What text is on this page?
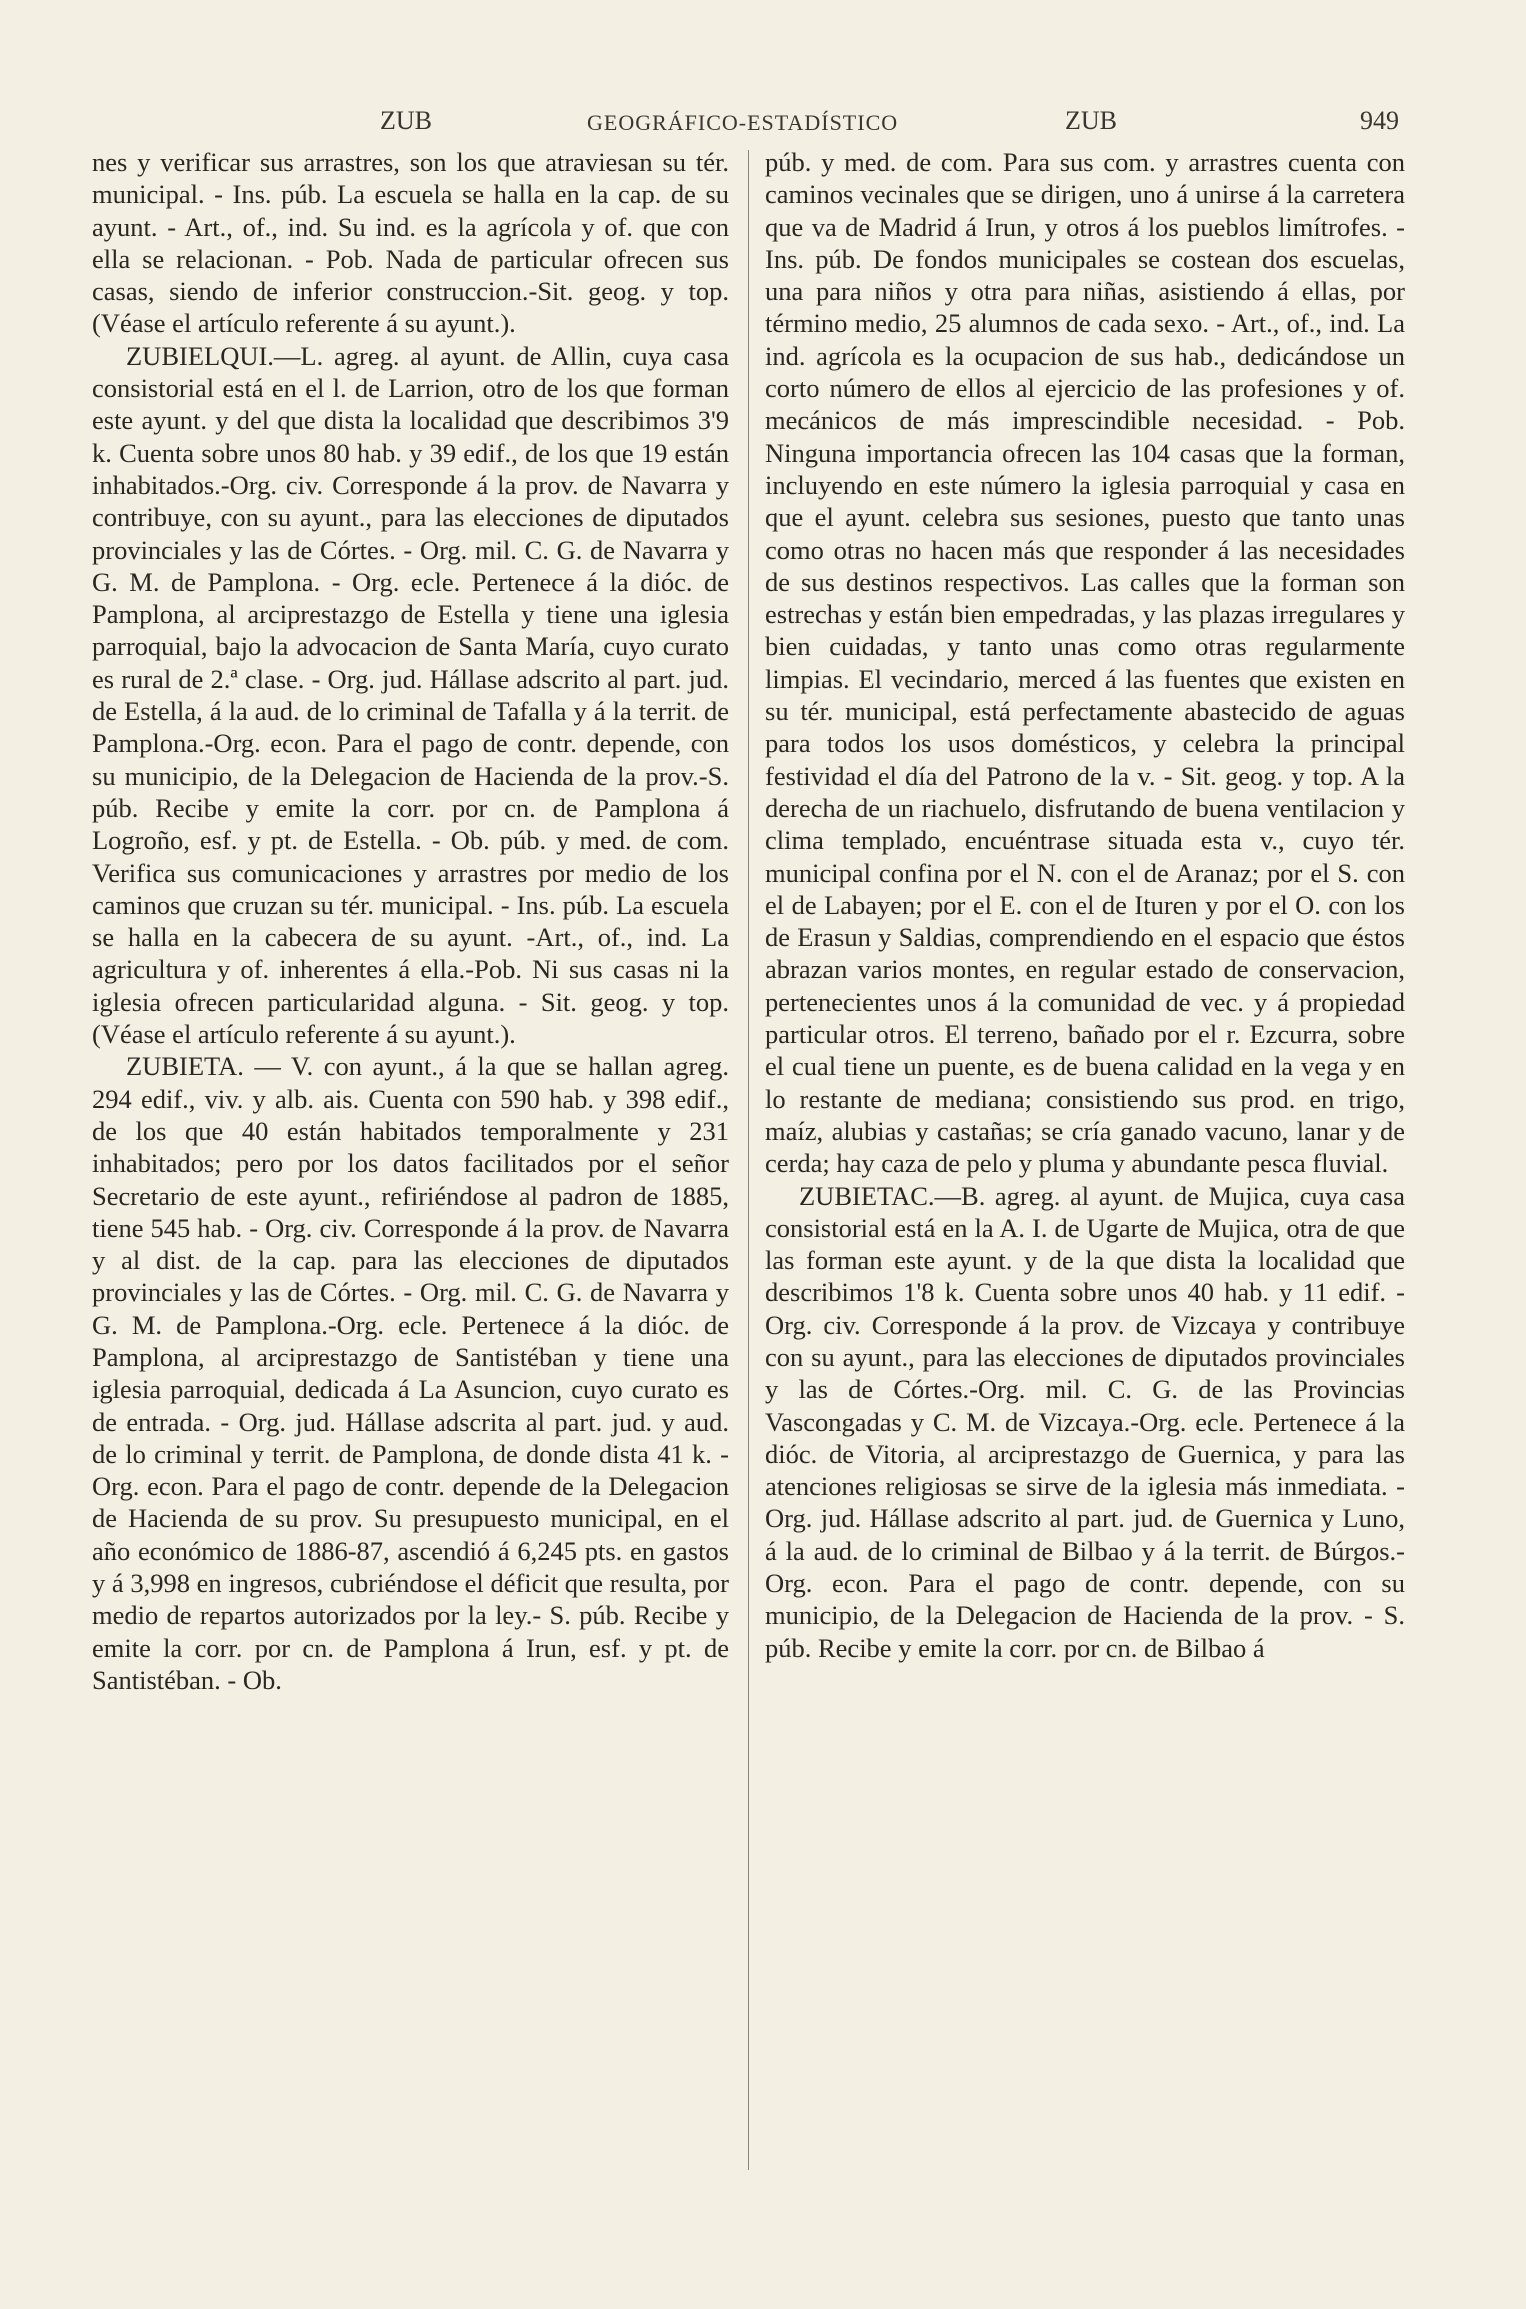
ZUB	GEOGRÁFICO-ESTADÍSTICO	ZUB	949

nes y verificar sus arrastres, son los que atraviesan su tér. municipal. - Ins. púb. La escuela se halla en la cap. de su ayunt. - Art., of., ind. Su ind. es la agrícola y of. que con ella se relacionan. - Pob. Nada de particular ofrecen sus casas, siendo de inferior construccion.-Sit. geog. y top. (Véase el artículo referente á su ayunt.).

ZUBIELQUI.—L. agreg. al ayunt. de Allin, cuya casa consistorial está en el l. de Larrion, otro de los que forman este ayunt. y del que dista la localidad que describimos 3'9 k. Cuenta sobre unos 80 hab. y 39 edif., de los que 19 están inhabitados.-Org. civ. Corresponde á la prov. de Navarra y contribuye, con su ayunt., para las elecciones de diputados provinciales y las de Córtes. - Org. mil. C. G. de Navarra y G. M. de Pamplona. - Org. ecle. Pertenece á la dióc. de Pamplona, al arciprestazgo de Estella y tiene una iglesia parroquial, bajo la advocacion de Santa María, cuyo curato es rural de 2.ª clase. - Org. jud. Hállase adscrito al part. jud. de Estella, á la aud. de lo criminal de Tafalla y á la territ. de Pamplona.-Org. econ. Para el pago de contr. depende, con su municipio, de la Delegacion de Hacienda de la prov.-S. púb. Recibe y emite la corr. por cn. de Pamplona á Logroño, esf. y pt. de Estella. - Ob. púb. y med. de com. Verifica sus comunicaciones y arrastres por medio de los caminos que cruzan su tér. municipal. - Ins. púb. La escuela se halla en la cabecera de su ayunt. -Art., of., ind. La agricultura y of. inherentes á ella.-Pob. Ni sus casas ni la iglesia ofrecen particularidad alguna. - Sit. geog. y top. (Véase el artículo referente á su ayunt.).

ZUBIETA. — V. con ayunt., á la que se hallan agreg. 294 edif., viv. y alb. ais. Cuenta con 590 hab. y 398 edif., de los que 40 están habitados temporalmente y 231 inhabitados; pero por los datos facilitados por el señor Secretario de este ayunt., refiriéndose al padron de 1885, tiene 545 hab. - Org. civ. Corresponde á la prov. de Navarra y al dist. de la cap. para las elecciones de diputados provinciales y las de Córtes. - Org. mil. C. G. de Navarra y G. M. de Pamplona.-Org. ecle. Pertenece á la dióc. de Pamplona, al arciprestazgo de Santistéban y tiene una iglesia parroquial, dedicada á La Asuncion, cuyo curato es de entrada. - Org. jud. Hállase adscrita al part. jud. y aud. de lo criminal y territ. de Pamplona, de donde dista 41 k. - Org. econ. Para el pago de contr. depende de la Delegacion de Hacienda de su prov. Su presupuesto municipal, en el año económico de 1886-87, ascendió á 6,245 pts. en gastos y á 3,998 en ingresos, cubriéndose el déficit que resulta, por medio de repartos autorizados por la ley.- S. púb. Recibe y emite la corr. por cn. de Pamplona á Irun, esf. y pt. de Santistéban. - Ob.

púb. y med. de com. Para sus com. y arrastres cuenta con caminos vecinales que se dirigen, uno á unirse á la carretera que va de Madrid á Irun, y otros á los pueblos limítrofes. - Ins. púb. De fondos municipales se costean dos escuelas, una para niños y otra para niñas, asistiendo á ellas, por término medio, 25 alumnos de cada sexo. - Art., of., ind. La ind. agrícola es la ocupacion de sus hab., dedicándose un corto número de ellos al ejercicio de las profesiones y of. mecánicos de más imprescindible necesidad. - Pob. Ninguna importancia ofrecen las 104 casas que la forman, incluyendo en este número la iglesia parroquial y casa en que el ayunt. celebra sus sesiones, puesto que tanto unas como otras no hacen más que responder á las necesidades de sus destinos respectivos. Las calles que la forman son estrechas y están bien empedradas, y las plazas irregulares y bien cuidadas, y tanto unas como otras regularmente limpias. El vecindario, merced á las fuentes que existen en su tér. municipal, está perfectamente abastecido de aguas para todos los usos domésticos, y celebra la principal festividad el día del Patrono de la v. - Sit. geog. y top. A la derecha de un riachuelo, disfrutando de buena ventilacion y clima templado, encuéntrase situada esta v., cuyo tér. municipal confina por el N. con el de Aranaz; por el S. con el de Labayen; por el E. con el de Ituren y por el O. con los de Erasun y Saldias, comprendiendo en el espacio que éstos abrazan varios montes, en regular estado de conservacion, pertenecientes unos á la comunidad de vec. y á propiedad particular otros. El terreno, bañado por el r. Ezcurra, sobre el cual tiene un puente, es de buena calidad en la vega y en lo restante de mediana; consistiendo sus prod. en trigo, maíz, alubias y castañas; se cría ganado vacuno, lanar y de cerda; hay caza de pelo y pluma y abundante pesca fluvial.

ZUBIETAC.—B. agreg. al ayunt. de Mujica, cuya casa consistorial está en la A. I. de Ugarte de Mujica, otra de que las forman este ayunt. y de la que dista la localidad que describimos 1'8 k. Cuenta sobre unos 40 hab. y 11 edif. - Org. civ. Corresponde á la prov. de Vizcaya y contribuye con su ayunt., para las elecciones de diputados provinciales y las de Córtes.-Org. mil. C. G. de las Provincias Vascongadas y C. M. de Vizcaya.-Org. ecle. Pertenece á la dióc. de Vitoria, al arciprestazgo de Guernica, y para las atenciones religiosas se sirve de la iglesia más inmediata. - Org. jud. Hállase adscrito al part. jud. de Guernica y Luno, á la aud. de lo criminal de Bilbao y á la territ. de Búrgos.-Org. econ. Para el pago de contr. depende, con su municipio, de la Delegacion de Hacienda de la prov. - S. púb. Recibe y emite la corr. por cn. de Bilbao á
